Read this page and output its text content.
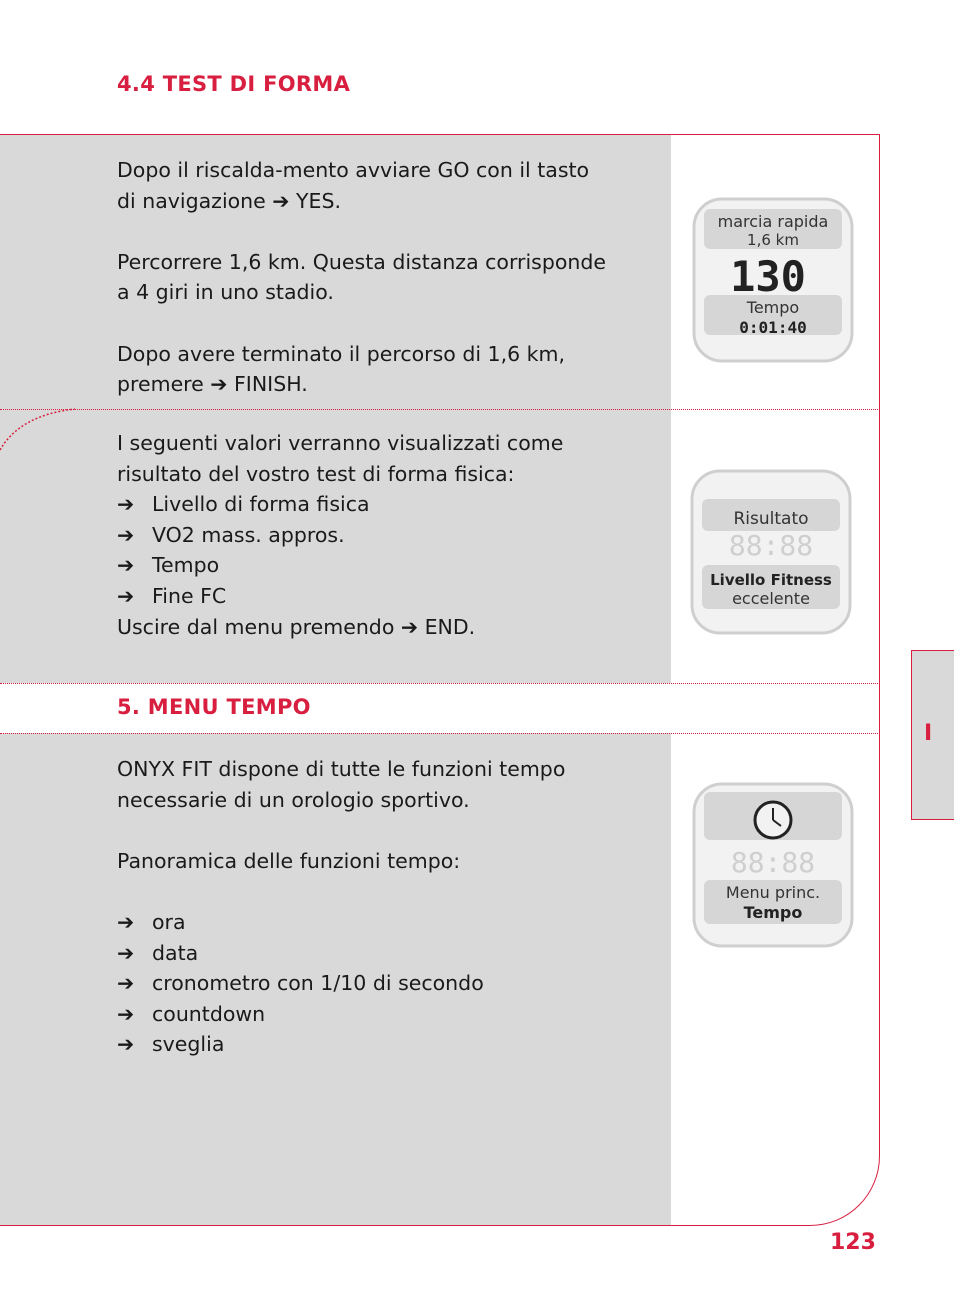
4.4 TEST DI FORMA

Dopo il riscalda-mento avviare GO con il tasto

di navigazione ➔ YES.

Percorrere 1,6 km. Questa distanza corrisponde

a 4 giri in uno stadio.

Dopo avere terminato il percorso di 1,6 km,

premere ➔ FINISH.

I seguenti valori verranno visualizzati come

risultato del vostro test di forma fisica:

➔ Livello di forma fisica

➔ VO2 mass. appros.

➔ Tempo

➔ Fine FC

Uscire dal menu premendo ➔ END.

5. MENU TEMPO

ONYX FIT dispone di tutte le funzioni tempo

necessarie di un orologio sportivo.

Panoramica delle funzioni tempo:

➔ ora

➔ data

➔ cronometro con 1/10 di secondo

➔ countdown

➔ sveglia

marcia rapida
1,6 km
130
Tempo
0:01:40
Risultato
88:88
Livello Fitness
eccelente
88:88
Menu princ.
Tempo
I
123
